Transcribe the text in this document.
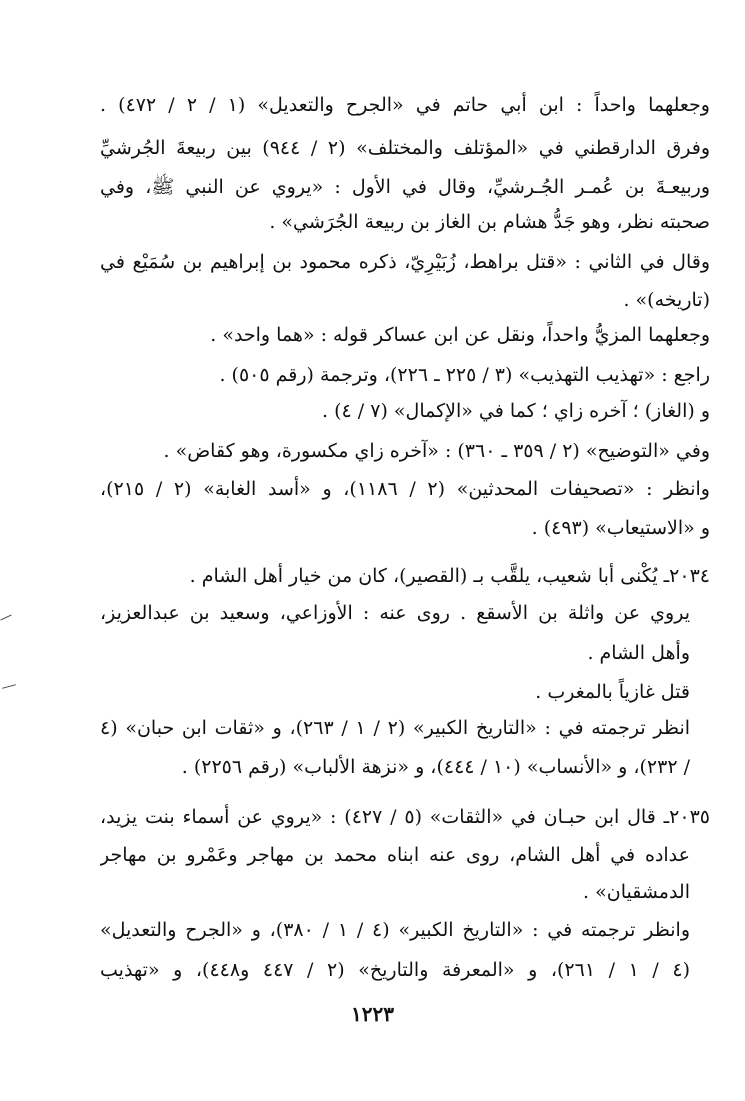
وجعلهما واحداً : ابن أبي حاتم في «الجرح والتعديل» (١ / ٢ / ٤٧٢) .
وفرق الدارقطني في «المؤتلف والمختلف» (٢ / ٩٤٤) بين ربيعةَ الجُرشيِّ
وربيعـةَ بن عُمـر الجُـرشيِّ، وقال في الأول : «يروي عن النبي ﷺ، وفي
صحبته نظر، وهو جَدُّ هشام بن الغاز بن ربيعة الجُرَشي» .
وقال في الثاني : «قتل براهط، زُبَيْرِيّ، ذكره محمود بن إبراهيم بن سُمَيْع في
(تاريخه)» .
وجعلهما المزيُّ واحداً، ونقل عن ابن عساكر قوله : «هما واحد» .
راجع : «تهذيب التهذيب» (٣ / ٢٢٥ ـ ٢٢٦)، وترجمة (رقم ٥٠٥) .
و (الغاز) ؛ آخره زاي ؛ كما في «الإكمال» (٧ / ٤) .
وفي «التوضيح» (٢ / ٣٥٩ ـ ٣٦٠) : «آخره زاي مكسورة، وهو كقاض» .
وانظر : «تصحيفات المحدثين» (٢ / ١١٨٦)، و «أسد الغابة» (٢ / ٢١٥)،
و «الاستيعاب» (٤٩٣) .
٢٠٣٤ـ يُكْنى أبا شعيب، يلقَّب بـ (القصير)، كان من خيار أهل الشام .
يروي عن واثلة بن الأسقع . روى عنه : الأوزاعي، وسعيد بن عبدالعزيز،
وأهل الشام .
قتل غازياً بالمغرب .
انظر ترجمته في : «التاريخ الكبير» (٢ / ١ / ٢٦٣)، و «ثقات ابن حبان» (٤
/ ٢٣٢)، و «الأنساب» (١٠ / ٤٤٤)، و «نزهة الألباب» (رقم ٢٢٥٦) .
٢٠٣٥ـ قال ابن حبـان في «الثقات» (٥ / ٤٢٧) : «يروي عن أسماء بنت يزيد،
عداده في أهل الشام، روى عنه ابناه محمد بن مهاجر وعَمْرو بن مهاجر
الدمشقيان» .
وانظر ترجمته في : «التاريخ الكبير» (٤ / ١ / ٣٨٠)، و «الجرح والتعديل»
(٤ / ١ / ٢٦١)، و «المعرفة والتاريخ» (٢ / ٤٤٧ و٤٤٨)، و «تهذيب
١٢٢٣
